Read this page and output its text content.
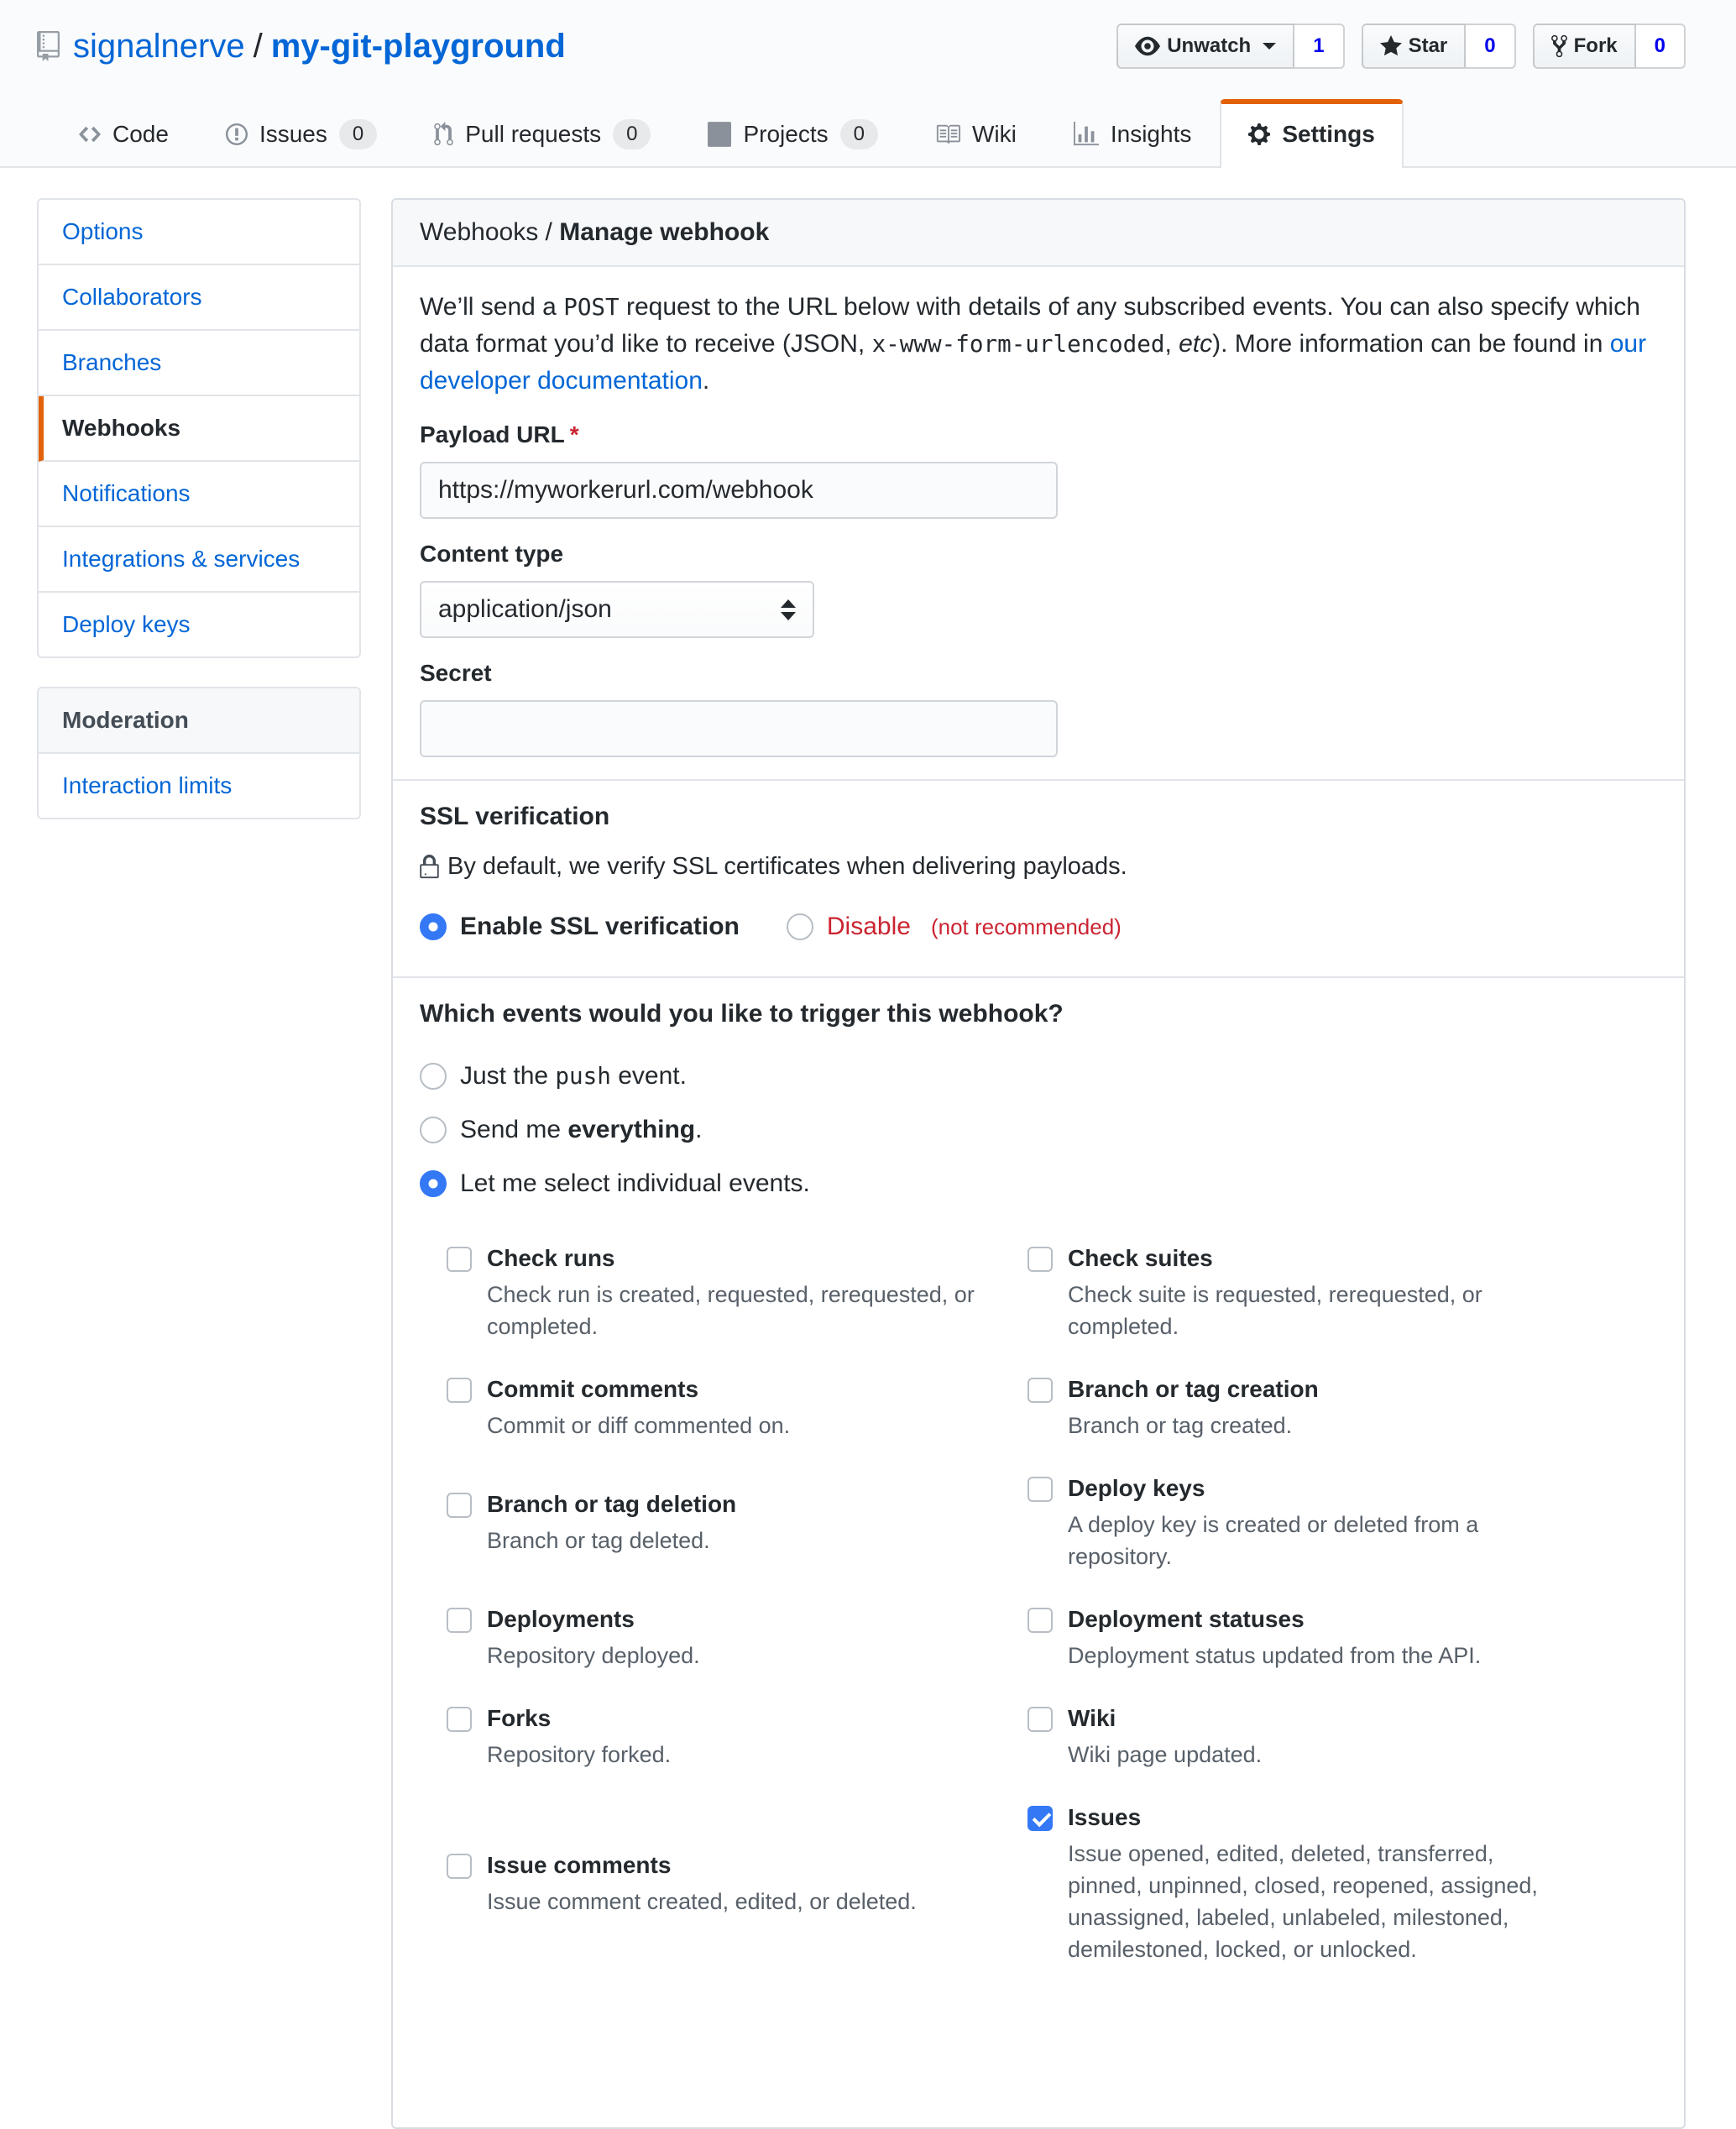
signalnerve / my-git-playground	Unwatch	1	Star	0	Fork	0
Code	Issues	0	Pull requests	0	Projects	0	Wiki	Insights	Settings
Options
Collaborators
Branches
Webhooks
Notifications
Integrations & services
Deploy keys
Moderation
Interaction limits
Webhooks / Manage webhook

We’ll send a POST request to the URL below with details of any subscribed events. You can also specify which data format you’d like to receive (JSON, x-www-form-urlencoded, etc). More information can be found in our developer documentation.

Payload URL *
https://myworkerurl.com/webhook
Content type
application/json
Secret
SSL verification
By default, we verify SSL certificates when delivering payloads.
Enable SSL verification	Disable (not recommended)
Which events would you like to trigger this webhook?
Just the push event.
Send me everything.
Let me select individual events.
Check runs
Check run is created, requested, rerequested, or completed.
Check suites
Check suite is requested, rerequested, or completed.
Commit comments
Commit or diff commented on.
Branch or tag creation
Branch or tag created.
Branch or tag deletion
Branch or tag deleted.
Deploy keys
A deploy key is created or deleted from a repository.
Deployments
Repository deployed.
Deployment statuses
Deployment status updated from the API.
Forks
Repository forked.
Wiki
Wiki page updated.
Issue comments
Issue comment created, edited, or deleted.
Issues
Issue opened, edited, deleted, transferred, pinned, unpinned, closed, reopened, assigned, unassigned, labeled, unlabeled, milestoned, demilestoned, locked, or unlocked.
